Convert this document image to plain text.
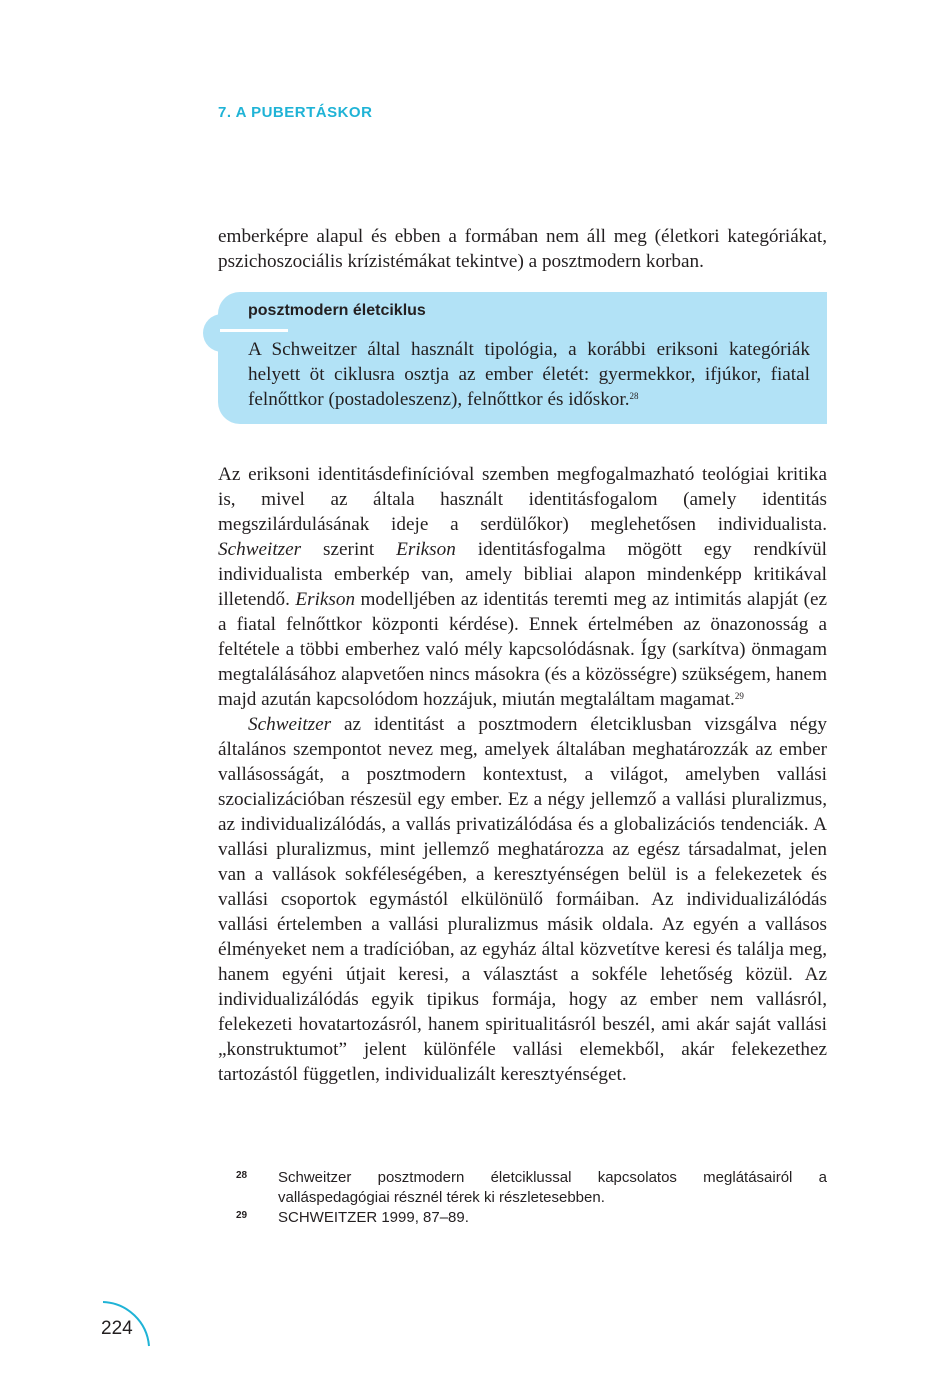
7. A PUBERTÁSKOR

emberképre alapul és ebben a formában nem áll meg (életkori kategóriákat, pszichoszociális krízistémákat tekintve) a posztmodern korban.

posztmodern életciklus
A Schweitzer által használt tipológia, a korábbi eriksoni kategóriák helyett öt ciklusra osztja az ember életét: gyermekkor, ifjúkor, fiatal felnőttkor (postadoleszenz), felnőttkor és időskor.$^{28}$

Az eriksoni identitásdefinícióval szemben megfogalmazható teológiai kritika is, mivel az általa használt identitásfogalom (amely identitás megszilárdulásának ideje a serdülőkor) meglehetősen individualista. Schweitzer szerint Erikson identitásfogalma mögött egy rendkívül individualista emberkép van, amely bibliai alapon mindenképp kritikával illetendő. Erikson modelljében az identitás teremti meg az intimitás alapját (ez a fiatal felnőttkor központi kérdése). Ennek értelmében az önazonosság a feltétele a többi emberhez való mély kapcsolódásnak. Így (sarkítva) önmagam megtalálásához alapvetően nincs másokra (és a közösségre) szükségem, hanem majd azután kapcsolódom hozzájuk, miután megtaláltam magamat.$^{29}$

Schweitzer az identitást a posztmodern életciklusban vizsgálva négy általános szempontot nevez meg, amelyek általában meghatározzák az ember vallásosságát, a posztmodern kontextust, a világot, amelyben vallási szocializációban részesül egy ember. Ez a négy jellemző a vallási pluralizmus, az individualizálódás, a vallás privatizálódása és a globalizációs tendenciák. A vallási pluralizmus, mint jellemző meghatározza az egész társadalmat, jelen van a vallások sokféleségében, a keresztyénségen belül is a felekezetek és vallási csoportok egymástól elkülönülő formáiban. Az individualizálódás vallási értelemben a vallási pluralizmus másik oldala. Az egyén a vallásos élményeket nem a tradícióban, az egyház által közvetítve keresi és találja meg, hanem egyéni útjait keresi, a választást a sokféle lehetőség közül. Az individualizálódás egyik tipikus formája, hogy az ember nem vallásról, felekezeti hovatartozásról, hanem spiritualitásról beszél, ami akár saját vallási „konstruktumot” jelent különféle vallási elemekből, akár felekezethez tartozástól független, individualizált keresztyénséget.

28 Schweitzer posztmodern életciklussal kapcsolatos meglátásairól a valláspedagógiai résznél térek ki részletesebben.
29 SCHWEITZER 1999, 87–89.
224
